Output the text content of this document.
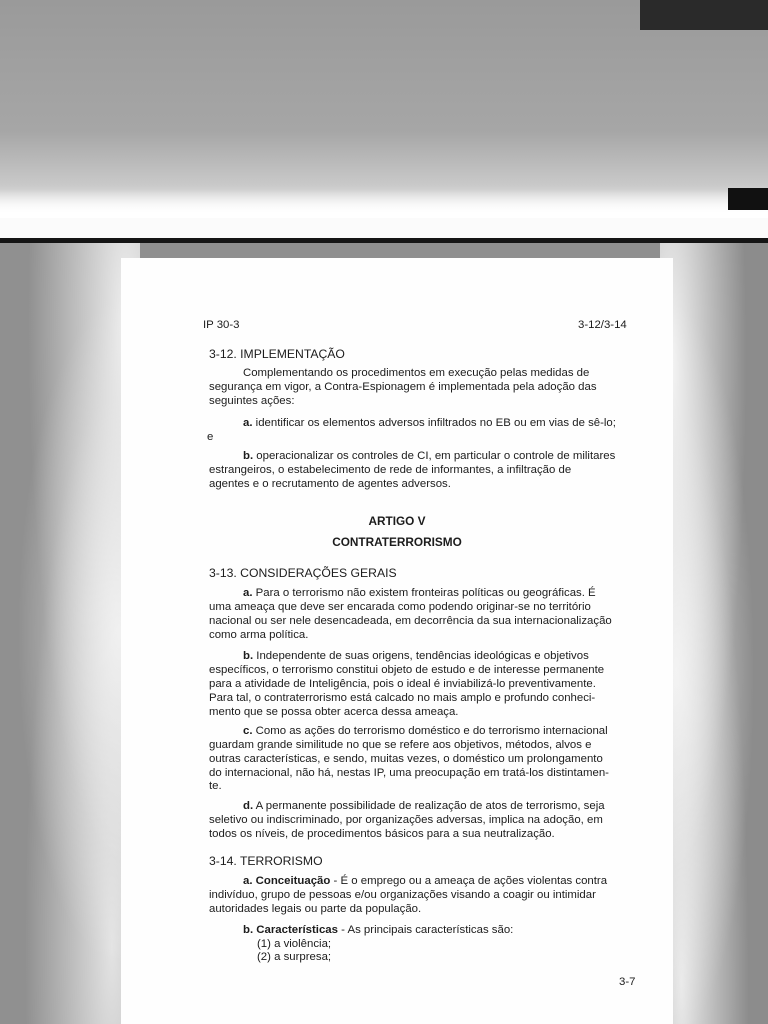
IP 30-3	3-12/3-14
3-12. IMPLEMENTAÇÃO
Complementando os procedimentos em execução pelas medidas de
segurança em vigor, a Contra-Espionagem é implementada pela adoção das
seguintes ações:
a. identificar os elementos adversos infiltrados no EB ou em vias de sê-lo;
e
b. operacionalizar os controles de CI, em particular o controle de militares
estrangeiros, o estabelecimento de rede de informantes, a infiltração de
agentes e o recrutamento de agentes adversos.
ARTIGO V
CONTRATERRORISMO
3-13. CONSIDERAÇÕES GERAIS
a. Para o terrorismo não existem fronteiras políticas ou geográficas. É
uma ameaça que deve ser encarada como podendo originar-se no território
nacional ou ser nele desencadeada, em decorrência da sua internacionalização
como arma política.
b. Independente de suas origens, tendências ideológicas e objetivos
específicos, o terrorismo constitui objeto de estudo e de interesse permanente
para a atividade de Inteligência, pois o ideal é inviabilizá-lo preventivamente.
Para tal, o contraterrorismo está calcado no mais amplo e profundo conheci-
mento que se possa obter acerca dessa ameaça.
c. Como as ações do terrorismo doméstico e do terrorismo internacional
guardam grande similitude no que se refere aos objetivos, métodos, alvos e
outras características, e sendo, muitas vezes, o doméstico um prolongamento
do internacional, não há, nestas IP, uma preocupação em tratá-los distintamen-
te.
d. A permanente possibilidade de realização de atos de terrorismo, seja
seletivo ou indiscriminado, por organizações adversas, implica na adoção, em
todos os níveis, de procedimentos básicos para a sua neutralização.
3-14. TERRORISMO
a. Conceituação - É o emprego ou a ameaça de ações violentas contra
indivíduo, grupo de pessoas e/ou organizações visando a coagir ou intimidar
autoridades legais ou parte da população.
b. Características - As principais características são:
(1) a violência;
(2) a surpresa;
3-7
